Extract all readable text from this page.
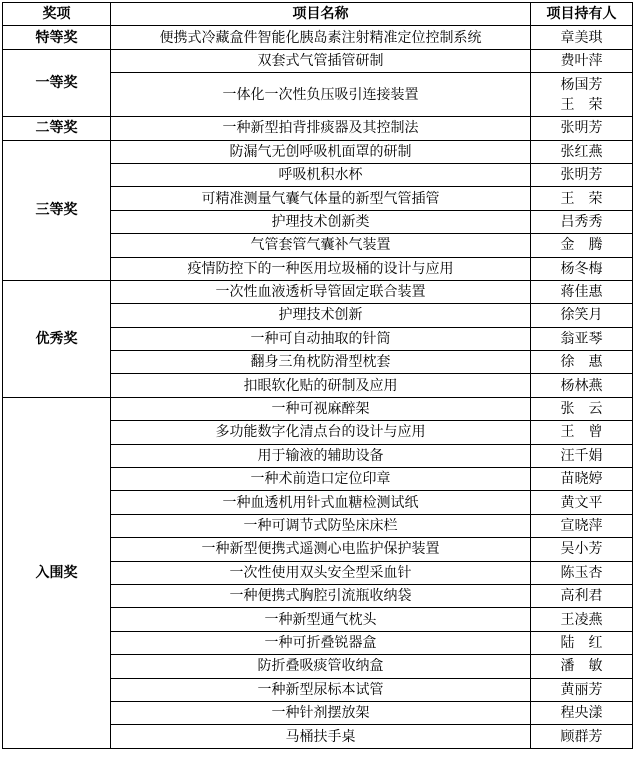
奖项	项目名称	项目持有人
特等奖	便携式冷藏盒件智能化胰岛素注射精准定位控制系统	章美琪

一等奖	双套式气管插管研制	费叶萍

	一体化一次性负压吸引连接装置	杨国芳
王　荣

二等奖	一种新型拍背排痰器及其控制法	张明芳

三等奖	防漏气无创呼吸机面罩的研制	张红燕

	呼吸机积水杯	张明芳

	可精准测量气囊气体量的新型气管插管	王　荣

	护理技术创新类	吕秀秀

	气管套管气囊补气装置	金　腾

	疫情防控下的一种医用垃圾桶的设计与应用	杨冬梅

优秀奖	一次性血液透析导管固定联合装置	蒋佳惠

	护理技术创新	徐笑月

	一种可自动抽取的针筒	翁亚琴

	翻身三角枕防滑型枕套	徐　惠

	扣眼软化贴的研制及应用	杨林燕

入围奖	一种可视麻醉架	张　云

	多功能数字化清点台的设计与应用	王　曾

	用于输液的辅助设备	汪千娟

	一种术前造口定位印章	苗晓婷

	一种血透机用针式血糖检测试纸	黄文平

	一种可调节式防坠床床栏	宣晓萍

	一种新型便携式遥测心电监护保护装置	吴小芳

	一次性使用双头安全型采血针	陈玉杏

	一种便携式胸腔引流瓶收纳袋	高利君

	一种新型通气枕头	王凌燕

	一种可折叠锐器盒	陆　红

	防折叠吸痰管收纳盒	潘　敏

	一种新型尿标本试管	黄丽芳

	一种针剂摆放架	程央漾

	马桶扶手桌	顾群芳
